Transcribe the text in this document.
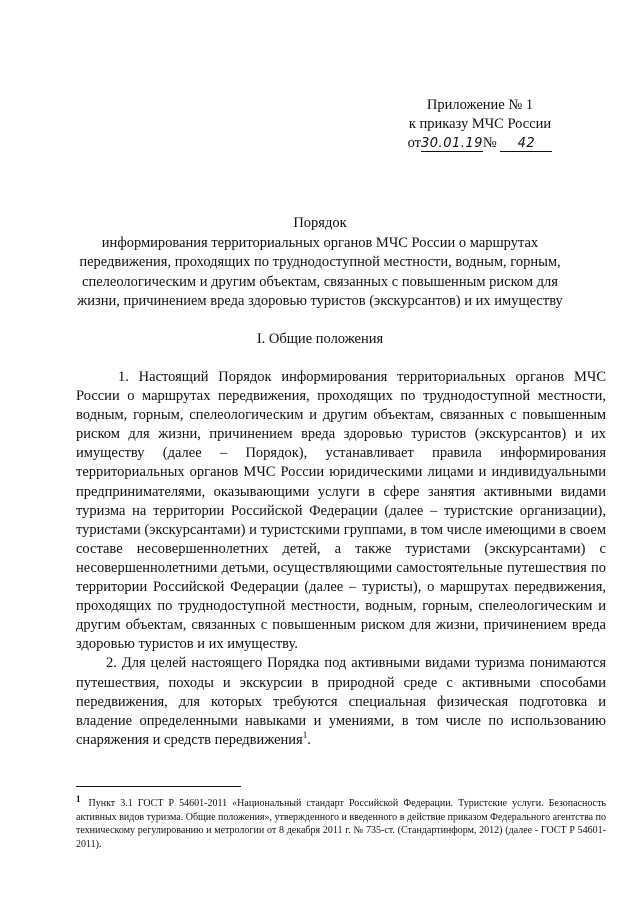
Приложение № 1
к приказу МЧС России
от30.01.19№ 42
Порядок
информирования территориальных органов МЧС России о маршрутах передвижения, проходящих по труднодоступной местности, водным, горным, спелеологическим и другим объектам, связанных с повышенным риском для жизни, причинением вреда здоровью туристов (экскурсантов) и их имуществу
I. Общие положения

1. Настоящий Порядок информирования территориальных органов МЧС России о маршрутах передвижения, проходящих по труднодоступной местности, водным, горным, спелеологическим и другим объектам, связанных с повышенным риском для жизни, причинением вреда здоровью туристов (экскурсантов) и их имуществу (далее – Порядок), устанавливает правила информирования территориальных органов МЧС России юридическими лицами и индивидуальными предпринимателями, оказывающими услуги в сфере занятия активными видами туризма на территории Российской Федерации (далее – туристские организации), туристами (экскурсантами) и туристскими группами, в том числе имеющими в своем составе несовершеннолетних детей, а также туристами (экскурсантами) с несовершеннолетними детьми, осуществляющими самостоятельные путешествия по территории Российской Федерации (далее – туристы), о маршрутах передвижения, проходящих по труднодоступной местности, водным, горным, спелеологическим и другим объектам, связанных с повышенным риском для жизни, причинением вреда здоровью туристов и их имуществу.

2. Для целей настоящего Порядка под активными видами туризма понимаются путешествия, походы и экскурсии в природной среде с активными способами передвижения, для которых требуются специальная физическая подготовка и владение определенными навыками и умениями, в том числе по использованию снаряжения и средств передвижения$^1$.

1 Пункт 3.1 ГОСТ Р 54601-2011 «Национальный стандарт Российской Федерации. Туристские услуги. Безопасность активных видов туризма. Общие положения», утвержденного и введенного в действие приказом Федерального агентства по техническому регулированию и метрологии от 8 декабря 2011 г. № 735-ст. (Стандартинформ, 2012) (далее - ГОСТ Р 54601-2011).
